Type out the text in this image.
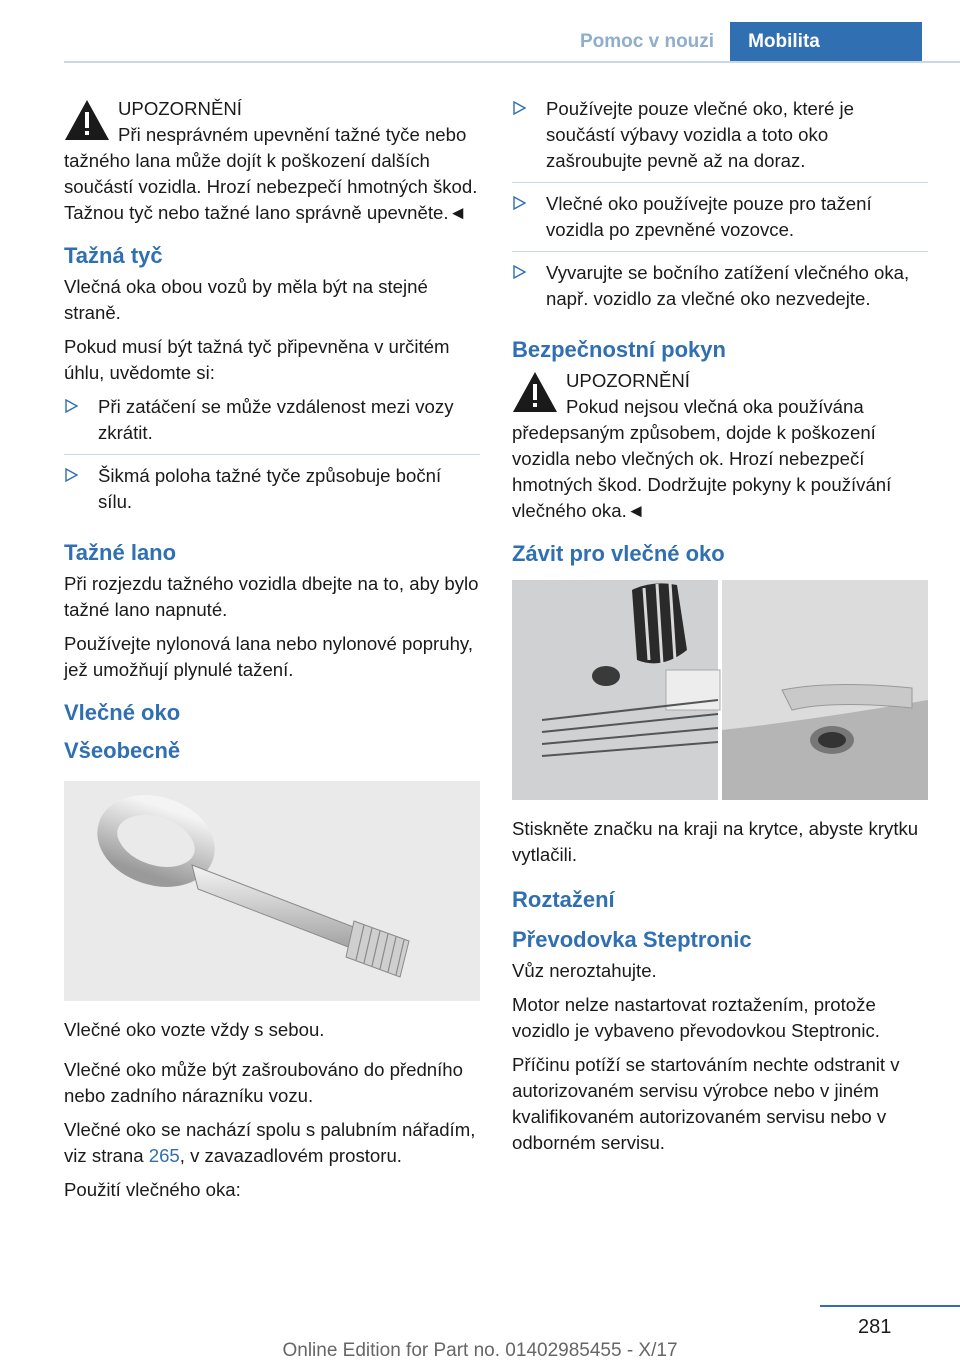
Pomoc v nouzi	Mobilita
UPOZORNĚNÍ
Při nesprávném upevnění tažné tyče nebo tažného lana může dojít k poškození dalších součástí vozidla. Hrozí nebezpečí hmotných škod. Tažnou tyč nebo tažné lano správně upevněte.◄
Tažná tyč

Vlečná oka obou vozů by měla být na stejné straně.

Pokud musí být tažná tyč připevněna v určitém úhlu, uvědomte si:

Při zatáčení se může vzdálenost mezi vozy zkrátit.
Šikmá poloha tažné tyče způsobuje boční sílu.
Tažné lano

Při rozjezdu tažného vozidla dbejte na to, aby bylo tažné lano napnuté.

Používejte nylonová lana nebo nylonové popruhy, jež umožňují plynulé tažení.

Vlečné oko
Všeobecně

Vlečné oko vozte vždy s sebou.

Vlečné oko může být zašroubováno do předního nebo zadního nárazníku vozu.

Vlečné oko se nachází spolu s palubním nářadím, viz strana 265, v zavazadlovém prostoru.

Použití vlečného oka:

Používejte pouze vlečné oko, které je součástí výbavy vozidla a toto oko zašroubujte pevně až na doraz.
Vlečné oko používejte pouze pro tažení vozidla po zpevněné vozovce.
Vyvarujte se bočního zatížení vlečného oka, např. vozidlo za vlečné oko nezvedejte.
Bezpečnostní pokyn
UPOZORNĚNÍ
Pokud nejsou vlečná oka používána předepsaným způsobem, dojde k poškození vozidla nebo vlečných ok. Hrozí nebezpečí hmotných škod. Dodržujte pokyny k používání vlečného oka.◄
Závit pro vlečné oko

Stiskněte značku na kraji na krytce, abyste krytku vytlačili.

Roztažení
Převodovka Steptronic

Vůz neroztahujte.

Motor nelze nastartovat roztažením, protože vozidlo je vybaveno převodovkou Steptronic.

Příčinu potíží se startováním nechte odstranit v autorizovaném servisu výrobce nebo v jiném kvalifikovaném autorizovaném servisu nebo v odborném servisu.

281
Online Edition for Part no. 01402985455 - X/17
